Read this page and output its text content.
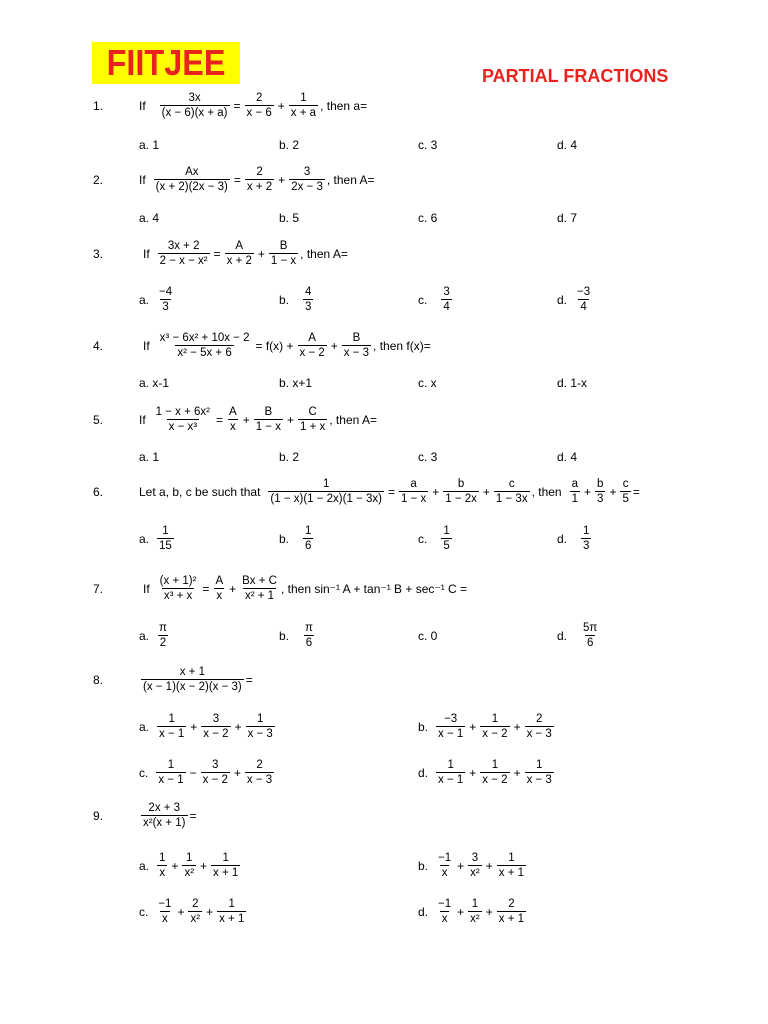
FIITJEE	PARTIAL FRACTIONS
1.	If $\frac{3x}{(x - 6)(x + a)} = \frac{2}{x - 6} + \frac{1}{x + a}$ , then a=
a. 1	b. 2	c. 3	d. 4
2.	If $\frac{Ax}{(x + 2)(2x - 3)} = \frac{2}{x + 2} + \frac{3}{2x - 3}$ , then A=
a. 4	b. 5	c. 6	d. 7
3.	If $\frac{3x + 2}{\text{2 − x − x²}} = \frac{A}{x + 2} + \frac{B}{1 - x}$ , then A=
a. $\frac{-4}{3}$	b. $\frac{4}{3}$	c. $\frac{3}{4}$	d. $\frac{-3}{4}$
4.	If $\frac{\text{x³ − 6x² + 10x − 2}}{\text{x² − 5x + 6}} = f(x) + \frac{A}{x - 2} + \frac{B}{x - 3}$ , then f(x)=
a. x-1	b. x+1	c. x	d. 1-x
5.	If $\frac{\text{1 − x + 6x²}}{\text{x − x³}} = \frac{A}{x} + \frac{B}{1 - x} + \frac{C}{1 + x}$ , then A=
a. 1	b. 2	c. 3	d. 4
6.	Let a, b, c be such that $\frac{1}{(1 - x)(1 - 2x)(1 - 3x)} = \frac{a}{1 - x} + \frac{b}{1 - 2x} + \frac{c}{1 - 3x}$ , then $\frac{a}{1} + \frac{b}{3} + \frac{c}{5}$ =
a. $\frac{1}{15}$	b. $\frac{1}{6}$	c. $\frac{1}{5}$	d. $\frac{1}{3}$
7.	If $\frac{\text{(x + 1)²}}{\text{x³ + x}} = \frac{A}{x} + \frac{Bx + C}{\text{x² + 1}}$ , then sin⁻¹ A + tan⁻¹ B + sec⁻¹ C =
a. $\frac{\pi}{2}$	b. $\frac{\pi}{6}$	c. 0	d. $\frac{5\pi}{6}$
8.	$\frac{x + 1}{(x - 1)(x - 2)(x - 3)}$ =
a. $\frac{1}{x - 1} + \frac{3}{x - 2} + \frac{1}{x - 3}$	b. $\frac{-3}{x - 1} + \frac{1}{x - 2} + \frac{2}{x - 3}$
c. $\frac{1}{x - 1} - \frac{3}{x - 2} + \frac{2}{x - 3}$	d. $\frac{1}{x - 1} + \frac{1}{x - 2} + \frac{1}{x - 3}$
9.	$\frac{2x + 3}{\text{x²(x + 1)}}$ =
a. $\frac{1}{x} + \frac{1}{\text{x²}} + \frac{1}{x + 1}$	b. $\frac{-1}{x} + \frac{3}{\text{x²}} + \frac{1}{x + 1}$
c. $\frac{-1}{x} + \frac{2}{\text{x²}} + \frac{1}{x + 1}$	d. $\frac{-1}{x} + \frac{1}{\text{x²}} + \frac{2}{x + 1}$
